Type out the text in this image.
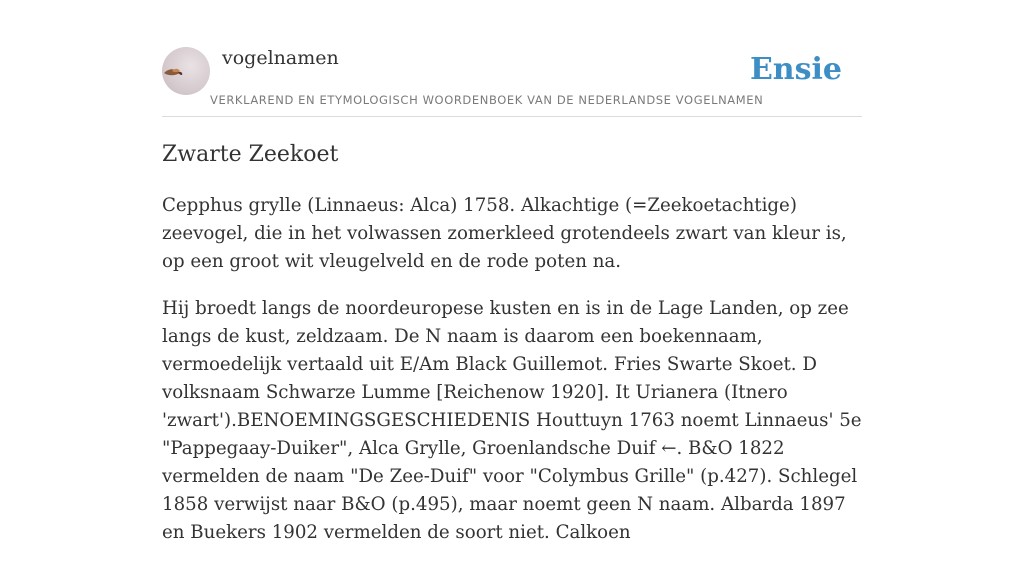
vogelnamen
VERKLAREND EN ETYMOLOGISCH WOORDENBOEK VAN DE NEDERLANDSE VOGELNAMEN
Ensie
Zwarte Zeekoet

Cepphus grylle (Linnaeus: Alca) 1758. Alkachtige (=Zeekoetachtige) zeevogel, die in het volwassen zomerkleed grotendeels zwart van kleur is, op een groot wit vleugelveld en de rode poten na.

Hij broedt langs de noordeuropese kusten en is in de Lage Landen, op zee langs de kust, zeldzaam. De N naam is daarom een boekennaam, vermoedelijk vertaald uit E/Am Black Guillemot. Fries Swarte Skoet. D volksnaam Schwarze Lumme [Reichenow 1920]. It Urianera (Itnero 'zwart').BENOEMINGSGESCHIEDENIS Houttuyn 1763 noemt Linnaeus' 5e "Pappegaay-Duiker", Alca Grylle, Groenlandsche Duif ←. B&O 1822 vermelden de naam "De Zee-Duif" voor "Colymbus Grille" (p.427). Schlegel 1858 verwijst naar B&O (p.495), maar noemt geen N naam. Albarda 1897 en Buekers 1902 vermelden de soort niet. Calkoen
